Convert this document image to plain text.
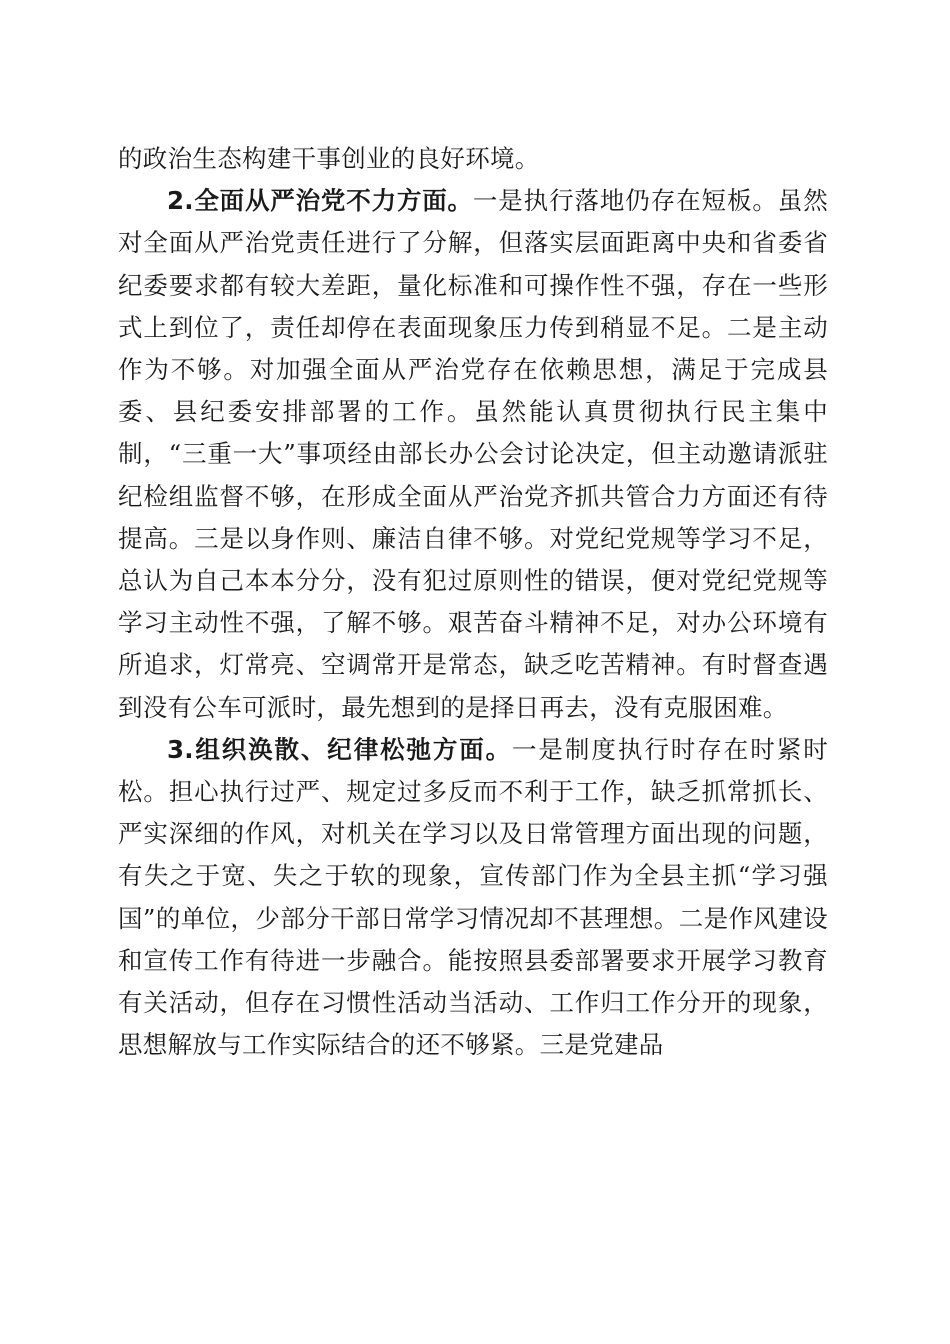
的政治生态构建干事创业的良好环境。

2.全面从严治党不力方面。一是执行落地仍存在短板。虽然对全面从严治党责任进行了分解，但落实层面距离中央和省委省纪委要求都有较大差距，量化标准和可操作性不强，存在一些形式上到位了，责任却停在表面现象压力传到稍显不足。二是主动作为不够。对加强全面从严治党存在依赖思想，满足于完成县委、县纪委安排部署的工作。虽然能认真贯彻执行民主集中制，“三重一大”事项经由部长办公会讨论决定，但主动邀请派驻纪检组监督不够，在形成全面从严治党齐抓共管合力方面还有待提高。三是以身作则、廉洁自律不够。对党纪党规等学习不足，总认为自己本本分分，没有犯过原则性的错误，便对党纪党规等学习主动性不强，了解不够。艰苦奋斗精神不足，对办公环境有所追求，灯常亮、空调常开是常态，缺乏吃苦精神。有时督查遇到没有公车可派时，最先想到的是择日再去，没有克服困难。

3.组织涣散、纪律松弛方面。一是制度执行时存在时紧时松。担心执行过严、规定过多反而不利于工作，缺乏抓常抓长、严实深细的作风，对机关在学习以及日常管理方面出现的问题，有失之于宽、失之于软的现象，宣传部门作为全县主抓“学习强国”的单位，少部分干部日常学习情况却不甚理想。二是作风建设和宣传工作有待进一步融合。能按照县委部署要求开展学习教育有关活动，但存在习惯性活动当活动、工作归工作分开的现象，思想解放与工作实际结合的还不够紧。三是党建品
